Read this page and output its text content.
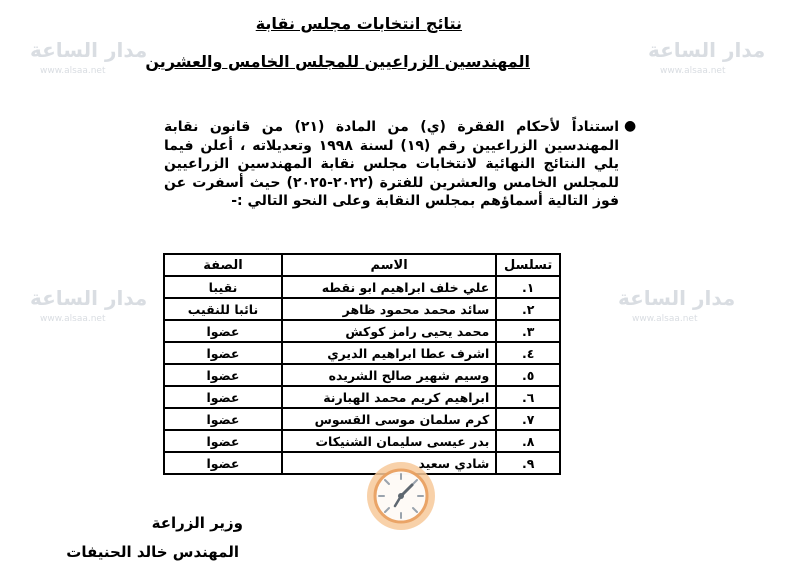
مدار الساعة
www.alsaa.net
مدار الساعة
www.alsaa.net
مدار الساعة
www.alsaa.net
مدار الساعة
www.alsaa.net
نتائج انتخابات مجلس نقابة
المهندسين الزراعيين للمجلس الخامس والعشرين
●
استناداً لأحكام الفقرة (ي) من المادة (٢١) من قانون نقابة المهندسين الزراعيين رقم (١٩) لسنة ١٩٩٨ وتعديلاته ، أعلن فيما يلي النتائج النهائية لانتخابات مجلس نقابة المهندسين الزراعيين للمجلس الخامس والعشرين للفترة (٢٠٢٢-٢٠٢٥) حيث أسفرت عن فوز التالية أسماؤهم بمجلس النقابة وعلى النحو التالي :-
تسلسل	الاسم	الصفة
١.	علي خلف ابراهيم ابو نقطه	نقيبا
٢.	سائد محمد محمود ظاهر	نائبا للنقيب
٣.	محمد يحيى رامز كوكش	عضوا
٤.	اشرف عطا ابراهيم الديري	عضوا
٥.	وسيم شهير صالح الشريده	عضوا
٦.	ابراهيم كريم محمد الهبارنة	عضوا
٧.	كرم سلمان موسى القسوس	عضوا
٨.	بدر عيسى سليمان الشنيكات	عضوا
٩.	شادي سعيد	عضوا
وزير الزراعة
المهندس خالد الحنيفات
